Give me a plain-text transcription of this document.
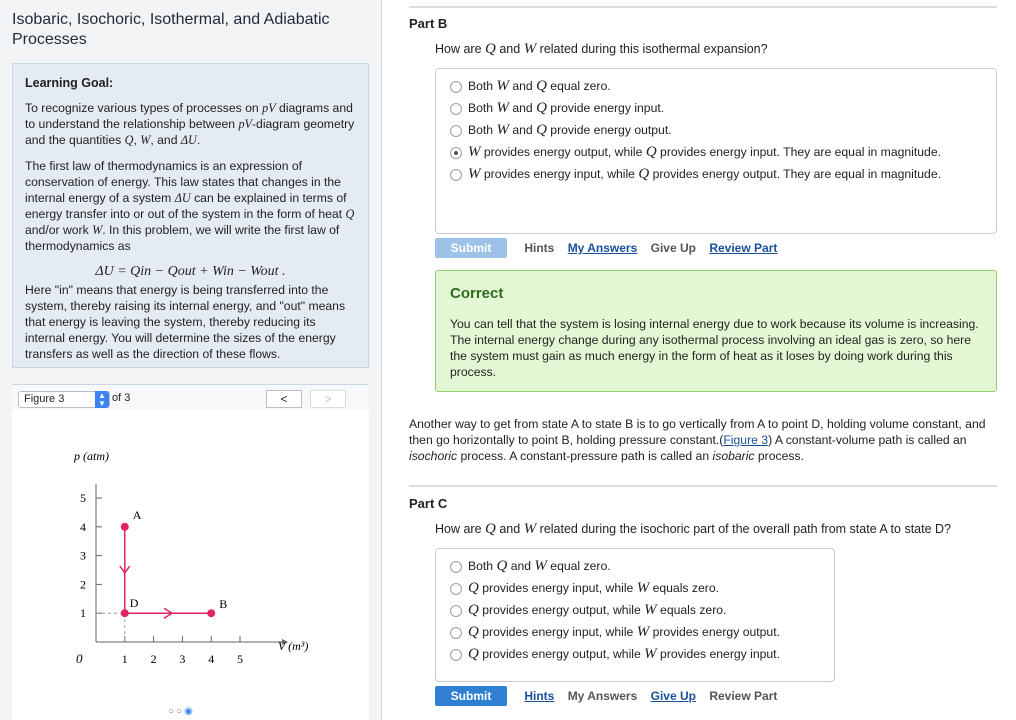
Isobaric, Isochoric, Isothermal, and Adiabatic Processes
Learning Goal:
To recognize various types of processes on pV diagrams and to understand the relationship between pV-diagram geometry and the quantities Q, W, and ΔU.
The first law of thermodynamics is an expression of conservation of energy. This law states that changes in the internal energy of a system ΔU can be explained in terms of energy transfer into or out of the system in the form of heat Q and/or work W. In this problem, we will write the first law of thermodynamics as
ΔU = Qin − Qout + Win − Wout .
Here "in" means that energy is being transferred into the system, thereby raising its internal energy, and "out" means that energy is leaving the system, thereby reducing its internal energy. You will determine the sizes of the energy transfers as well as the direction of these flows.
Figure 3	▲
▼ of 3	<	>
p (atm)
V (m³)
0
5
4
3
2
1
1 2 3 4 5
A
D	B
○○◉
Part B
How are Q and W related during this isothermal expansion?
Both W and Q equal zero.
Both W and Q provide energy input.
Both W and Q provide energy output.
W provides energy output, while Q provides energy input. They are equal in magnitude.
W provides energy input, while Q provides energy output. They are equal in magnitude.
Submit	Hints My Answers Give Up Review Part
Correct
You can tell that the system is losing internal energy due to work because its volume is increasing. The internal energy change during any isothermal process involving an ideal gas is zero, so here the system must gain as much energy in the form of heat as it loses by doing work during this process.
Another way to get from state A to state B is to go vertically from A to point D, holding volume constant, and then go horizontally to point B, holding pressure constant.(Figure 3) A constant-volume path is called an isochoric process. A constant-pressure path is called an isobaric process.
Part C
How are Q and W related during the isochoric part of the overall path from state A to state D?
Both Q and W equal zero.
Q provides energy input, while W equals zero.
Q provides energy output, while W equals zero.
Q provides energy input, while W provides energy output.
Q provides energy output, while W provides energy input.
Submit	Hints My Answers Give Up Review Part
